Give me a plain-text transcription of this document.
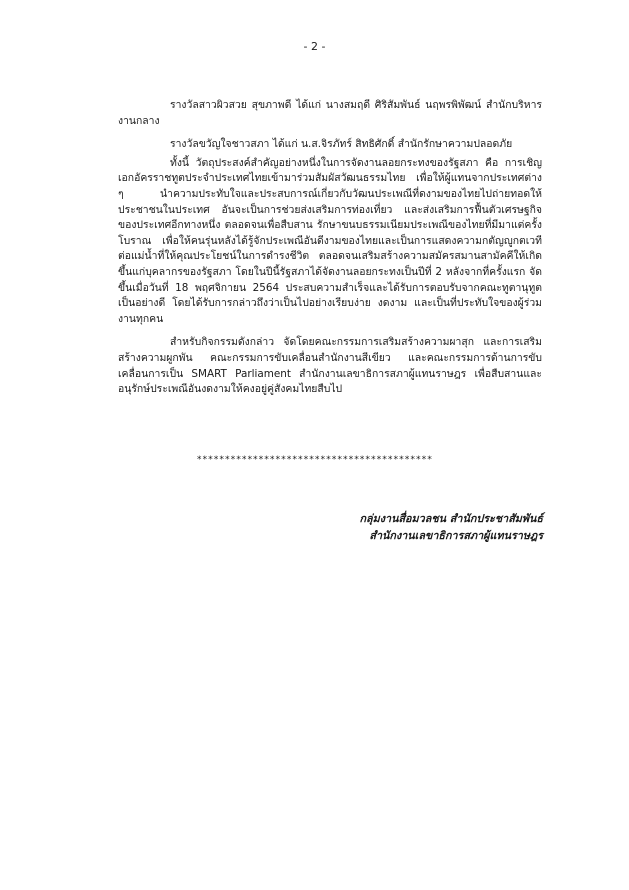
- 2 -

รางวัลสาวผิวสวย สุขภาพดี ได้แก่ นางสมฤดี ศิริสัมพันธ์ นฤพรพิพัฒน์ สำนักบริหารงานกลาง

รางวัลขวัญใจชาวสภา ได้แก่ น.ส.จิรภัทร์ สิทธิศักดิ์ สำนักรักษาความปลอดภัย

ทั้งนี้ วัตถุประสงค์สำคัญอย่างหนึ่งในการจัดงานลอยกระทงของรัฐสภา คือ การเชิญเอกอัครราชทูตประจำประเทศไทยเข้ามาร่วมสัมผัสวัฒนธรรมไทย เพื่อให้ผู้แทนจากประเทศต่าง ๆ นำความประทับใจและประสบการณ์เกี่ยวกับวัฒนประเพณีที่ดงามของไทยไปถ่ายทอดให้ประชาชนในประเทศ อันจะเป็นการช่วยส่งเสริมการท่องเที่ยว และส่งเสริมการฟื้นตัวเศรษฐกิจของประเทศอีกทางหนึ่ง ตลอดจนเพื่อสืบสาน รักษาขนบธรรมเนียมประเพณีของไทยที่มีมาแต่ครั้งโบราณ เพื่อให้คนรุ่นหลังได้รู้จักประเพณีอันดีงามของไทยและเป็นการแสดงความกตัญญูกตเวทีต่อแม่น้ำที่ให้คุณประโยชน์ในการดำรงชีวิต ตลอดจนเสริมสร้างความสมัครสมานสามัคคีให้เกิดขึ้นแก่บุคลากรของรัฐสภา โดยในปีนี้รัฐสภาได้จัดงานลอยกระทงเป็นปีที่ 2 หลังจากที่ครั้งแรก จัดขึ้นเมื่อวันที่ 18 พฤศจิกายน 2564 ประสบความสำเร็จและได้รับการตอบรับจากคณะทูตานุทูตเป็นอย่างดี โดยได้รับการกล่าวถึงว่าเป็นไปอย่างเรียบง่าย งดงาม และเป็นที่ประทับใจของผู้ร่วมงานทุกคน

สำหรับกิจกรรมดังกล่าว จัดโดยคณะกรรมการเสริมสร้างความผาสุก และการเสริมสร้างความผูกพัน คณะกรรมการขับเคลื่อนสำนักงานสีเขียว และคณะกรรมการด้านการขับเคลื่อนการเป็น SMART Parliament สำนักงานเลขาธิการสภาผู้แทนราษฎร เพื่อสืบสานและอนุรักษ์ประเพณีอันงดงามให้คงอยู่คู่สังคมไทยสืบไป

******************************************
กลุ่มงานสื่อมวลชน สำนักประชาสัมพันธ์
สำนักงานเลขาธิการสภาผู้แทนราษฎร
